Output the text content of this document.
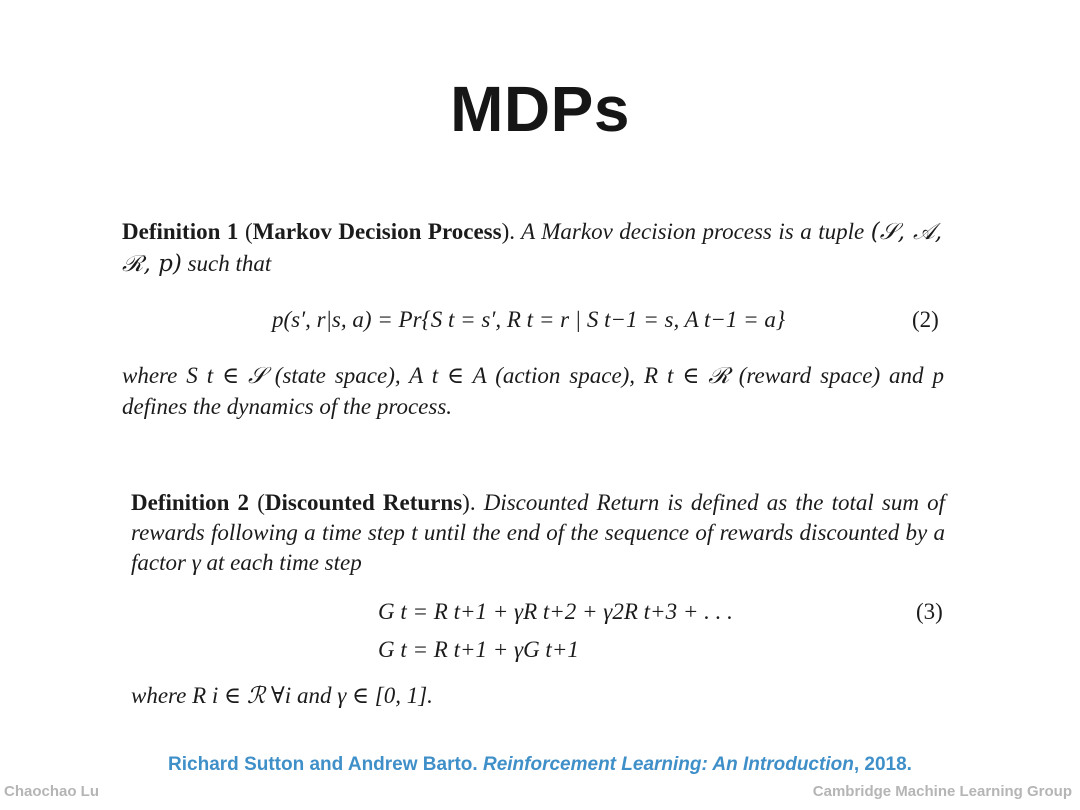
MDPs
Definition 1 (Markov Decision Process). A Markov decision process is a tuple (𝒮, 𝒜, ℛ, p) such that
p(s′, r|s, a) = Pr{S t = s′, R t = r | S t−1 = s, A t−1 = a}	(2)
where S t ∈ 𝒮 (state space), A t ∈ A (action space), R t ∈ ℛ (reward space) and p
defines the dynamics of the process.
Definition 2 (Discounted Returns). Discounted Return is defined as the total sum of rewards following a time step t until the end of the sequence of rewards discounted by a factor γ at each time step
G t = R t+1 + γR t+2 + γ2R t+3 + . . .	(3)
G t = R t+1 + γG t+1
where R i ∈ ℛ ∀i and γ ∈ [0, 1].
Richard Sutton and Andrew Barto. Reinforcement Learning: An Introduction, 2018.
Chaochao Lu	Cambridge Machine Learning Group
